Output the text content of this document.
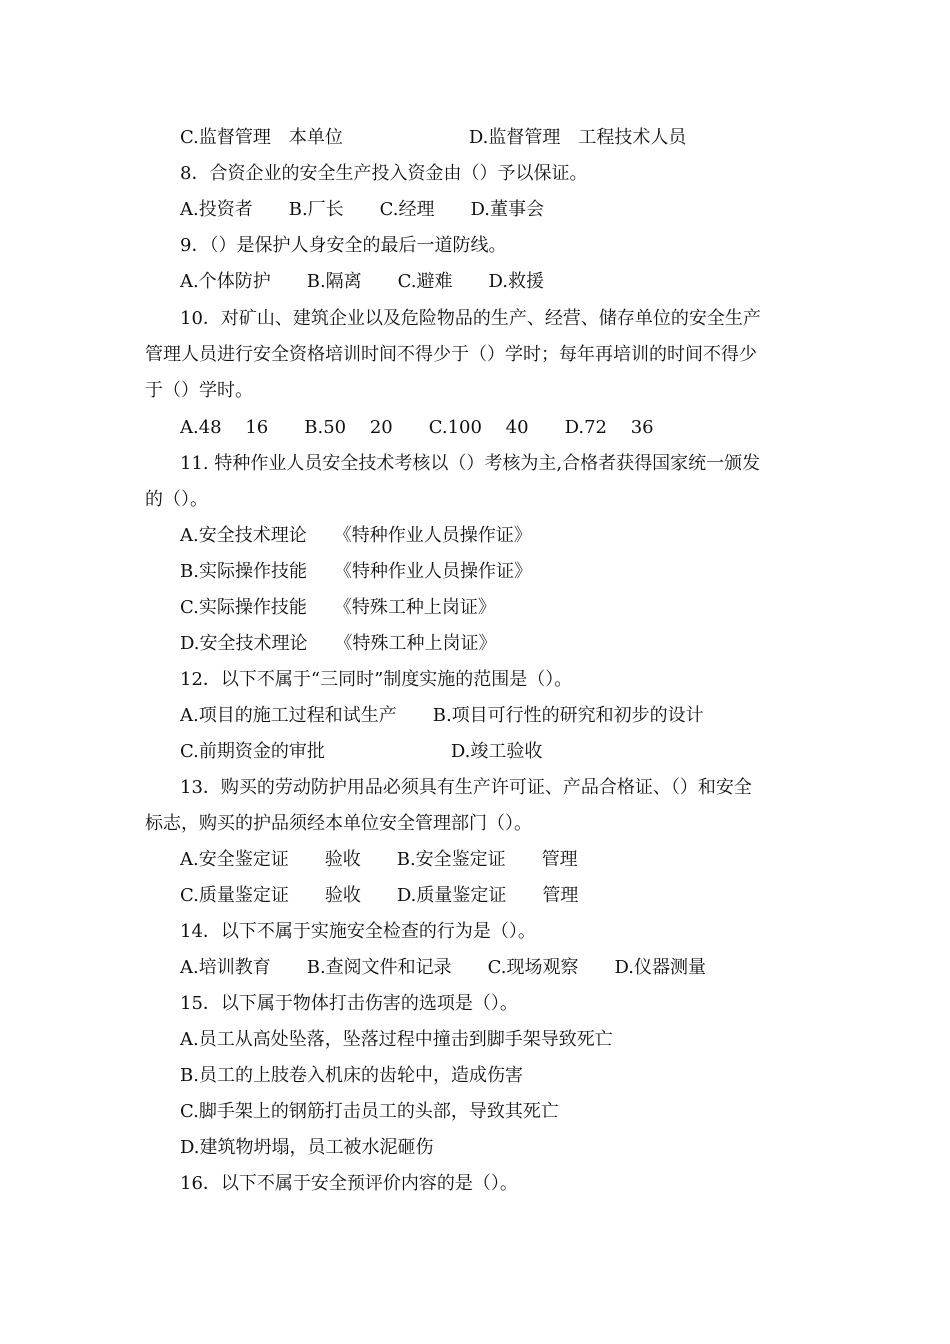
C.监督管理　本单位　　　　　　　D.监督管理　工程技术人员
8．合资企业的安全生产投入资金由（）予以保证。
A.投资者　　B.厂长　　C.经理　　D.董事会
9．（）是保护人身安全的最后一道防线。
A.个体防护　　B.隔离　　C.避难　　D.救援
10．对矿山、建筑企业以及危险物品的生产、经营、储存单位的安全生产
管理人员进行安全资格培训时间不得少于（）学时；每年再培训的时间不得少
于（）学时。
A.48　 16　　B.50　 20　　C.100　 40　　D.72　 36
11. 特种作业人员安全技术考核以（）考核为主,合格者获得国家统一颁发
的（）。
A.安全技术理论　　《特种作业人员操作证》
B.实际操作技能　　《特种作业人员操作证》
C.实际操作技能　　《特殊工种上岗证》
D.安全技术理论　　《特殊工种上岗证》
12．以下不属于“三同时”制度实施的范围是（）。
A.项目的施工过程和试生产　　B.项目可行性的研究和初步的设计
C.前期资金的审批　　　　　　　D.竣工验收
13．购买的劳动防护用品必须具有生产许可证、产品合格证、（）和安全
标志，购买的护品须经本单位安全管理部门（）。
A.安全鉴定证　　验收　　B.安全鉴定证　　管理
C.质量鉴定证　　验收　　D.质量鉴定证　　管理
14．以下不属于实施安全检查的行为是（）。
A.培训教育　　B.查阅文件和记录　　C.现场观察　　D.仪器测量
15．以下属于物体打击伤害的选项是（）。
A.员工从高处坠落，坠落过程中撞击到脚手架导致死亡
B.员工的上肢卷入机床的齿轮中，造成伤害
C.脚手架上的钢筋打击员工的头部，导致其死亡
D.建筑物坍塌，员工被水泥砸伤
16．以下不属于安全预评价内容的是（）。
